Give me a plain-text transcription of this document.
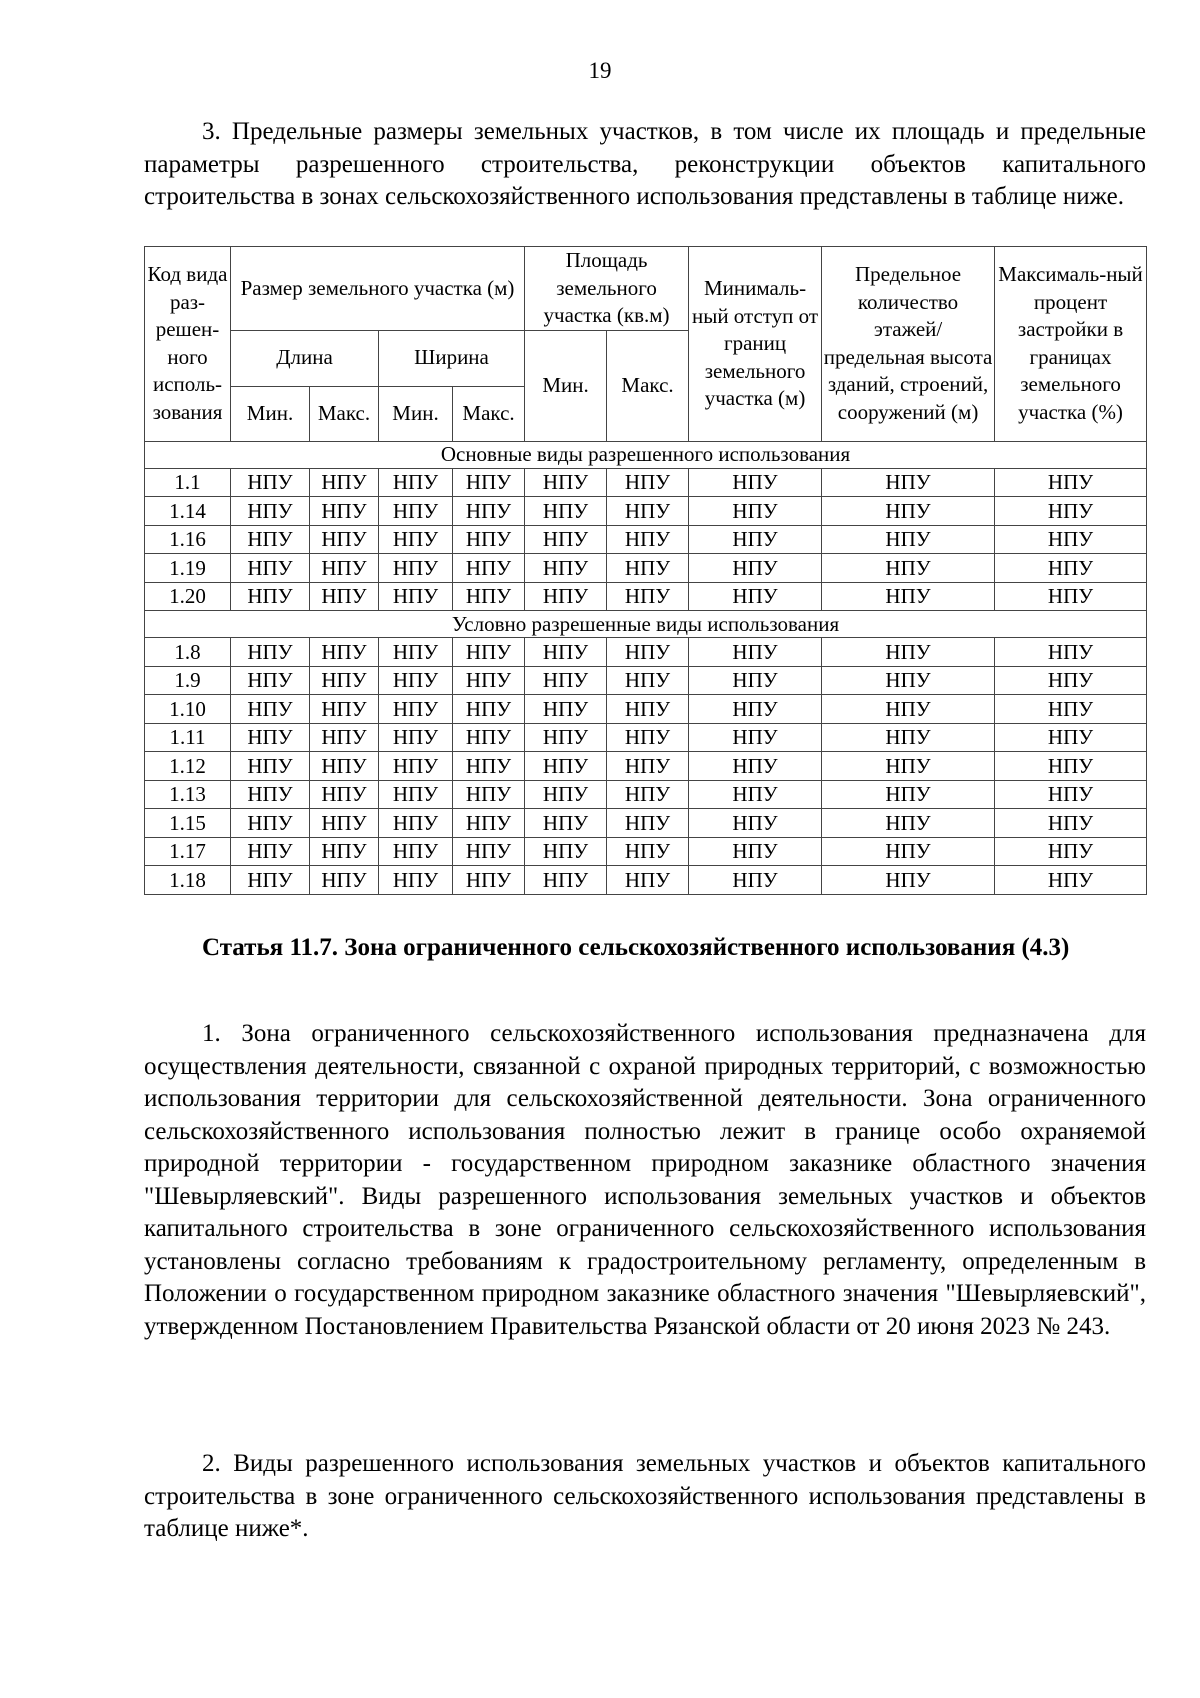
19

3. Предельные размеры земельных участков, в том числе их площадь и предельные параметры разрешенного строительства, реконструкции объектов капитального строительства в зонах сельскохозяйственного использования представлены в таблице ниже.

Код вида раз-решен-ного исполь-зования	Размер земельного участка (м)				Площадь земельного участка (кв.м)		Минималь-ный отступ от границ земельного участка (м)	Предельное количество этажей/ предельная высота зданий, строений, сооружений (м)	Максималь-ный процент застройки в границах земельного участка (%)
	Длина		Ширина		Мин.	Макс.			
	Мин.	Макс.	Мин.	Макс.					
Основные виды разрешенного использования									
1.1	НПУ	НПУ	НПУ	НПУ	НПУ	НПУ	НПУ	НПУ	НПУ
1.14	НПУ	НПУ	НПУ	НПУ	НПУ	НПУ	НПУ	НПУ	НПУ
1.16	НПУ	НПУ	НПУ	НПУ	НПУ	НПУ	НПУ	НПУ	НПУ
1.19	НПУ	НПУ	НПУ	НПУ	НПУ	НПУ	НПУ	НПУ	НПУ
1.20	НПУ	НПУ	НПУ	НПУ	НПУ	НПУ	НПУ	НПУ	НПУ
Условно разрешенные виды использования									
1.8	НПУ	НПУ	НПУ	НПУ	НПУ	НПУ	НПУ	НПУ	НПУ
1.9	НПУ	НПУ	НПУ	НПУ	НПУ	НПУ	НПУ	НПУ	НПУ
1.10	НПУ	НПУ	НПУ	НПУ	НПУ	НПУ	НПУ	НПУ	НПУ
1.11	НПУ	НПУ	НПУ	НПУ	НПУ	НПУ	НПУ	НПУ	НПУ
1.12	НПУ	НПУ	НПУ	НПУ	НПУ	НПУ	НПУ	НПУ	НПУ
1.13	НПУ	НПУ	НПУ	НПУ	НПУ	НПУ	НПУ	НПУ	НПУ
1.15	НПУ	НПУ	НПУ	НПУ	НПУ	НПУ	НПУ	НПУ	НПУ
1.17	НПУ	НПУ	НПУ	НПУ	НПУ	НПУ	НПУ	НПУ	НПУ
1.18	НПУ	НПУ	НПУ	НПУ	НПУ	НПУ	НПУ	НПУ	НПУ

Статья 11.7. Зона ограниченного сельскохозяйственного использования (4.3)

1. Зона ограниченного сельскохозяйственного использования предназначена для осуществления деятельности, связанной с охраной природных территорий, с возможностью использования территории для сельскохозяйственной деятельности. Зона ограниченного сельскохозяйственного использования полностью лежит в границе особо охраняемой природной территории - государственном природном заказнике областного значения "Шевырляевский". Виды разрешенного использования земельных участков и объектов капитального строительства в зоне ограниченного сельскохозяйственного использования установлены согласно требованиям к градостроительному регламенту, определенным в Положении о государственном природном заказнике областного значения "Шевырляевский", утвержденном Постановлением Правительства Рязанской области от 20 июня 2023 № 243.

2. Виды разрешенного использования земельных участков и объектов капитального строительства в зоне ограниченного сельскохозяйственного использования представлены в таблице ниже*.
